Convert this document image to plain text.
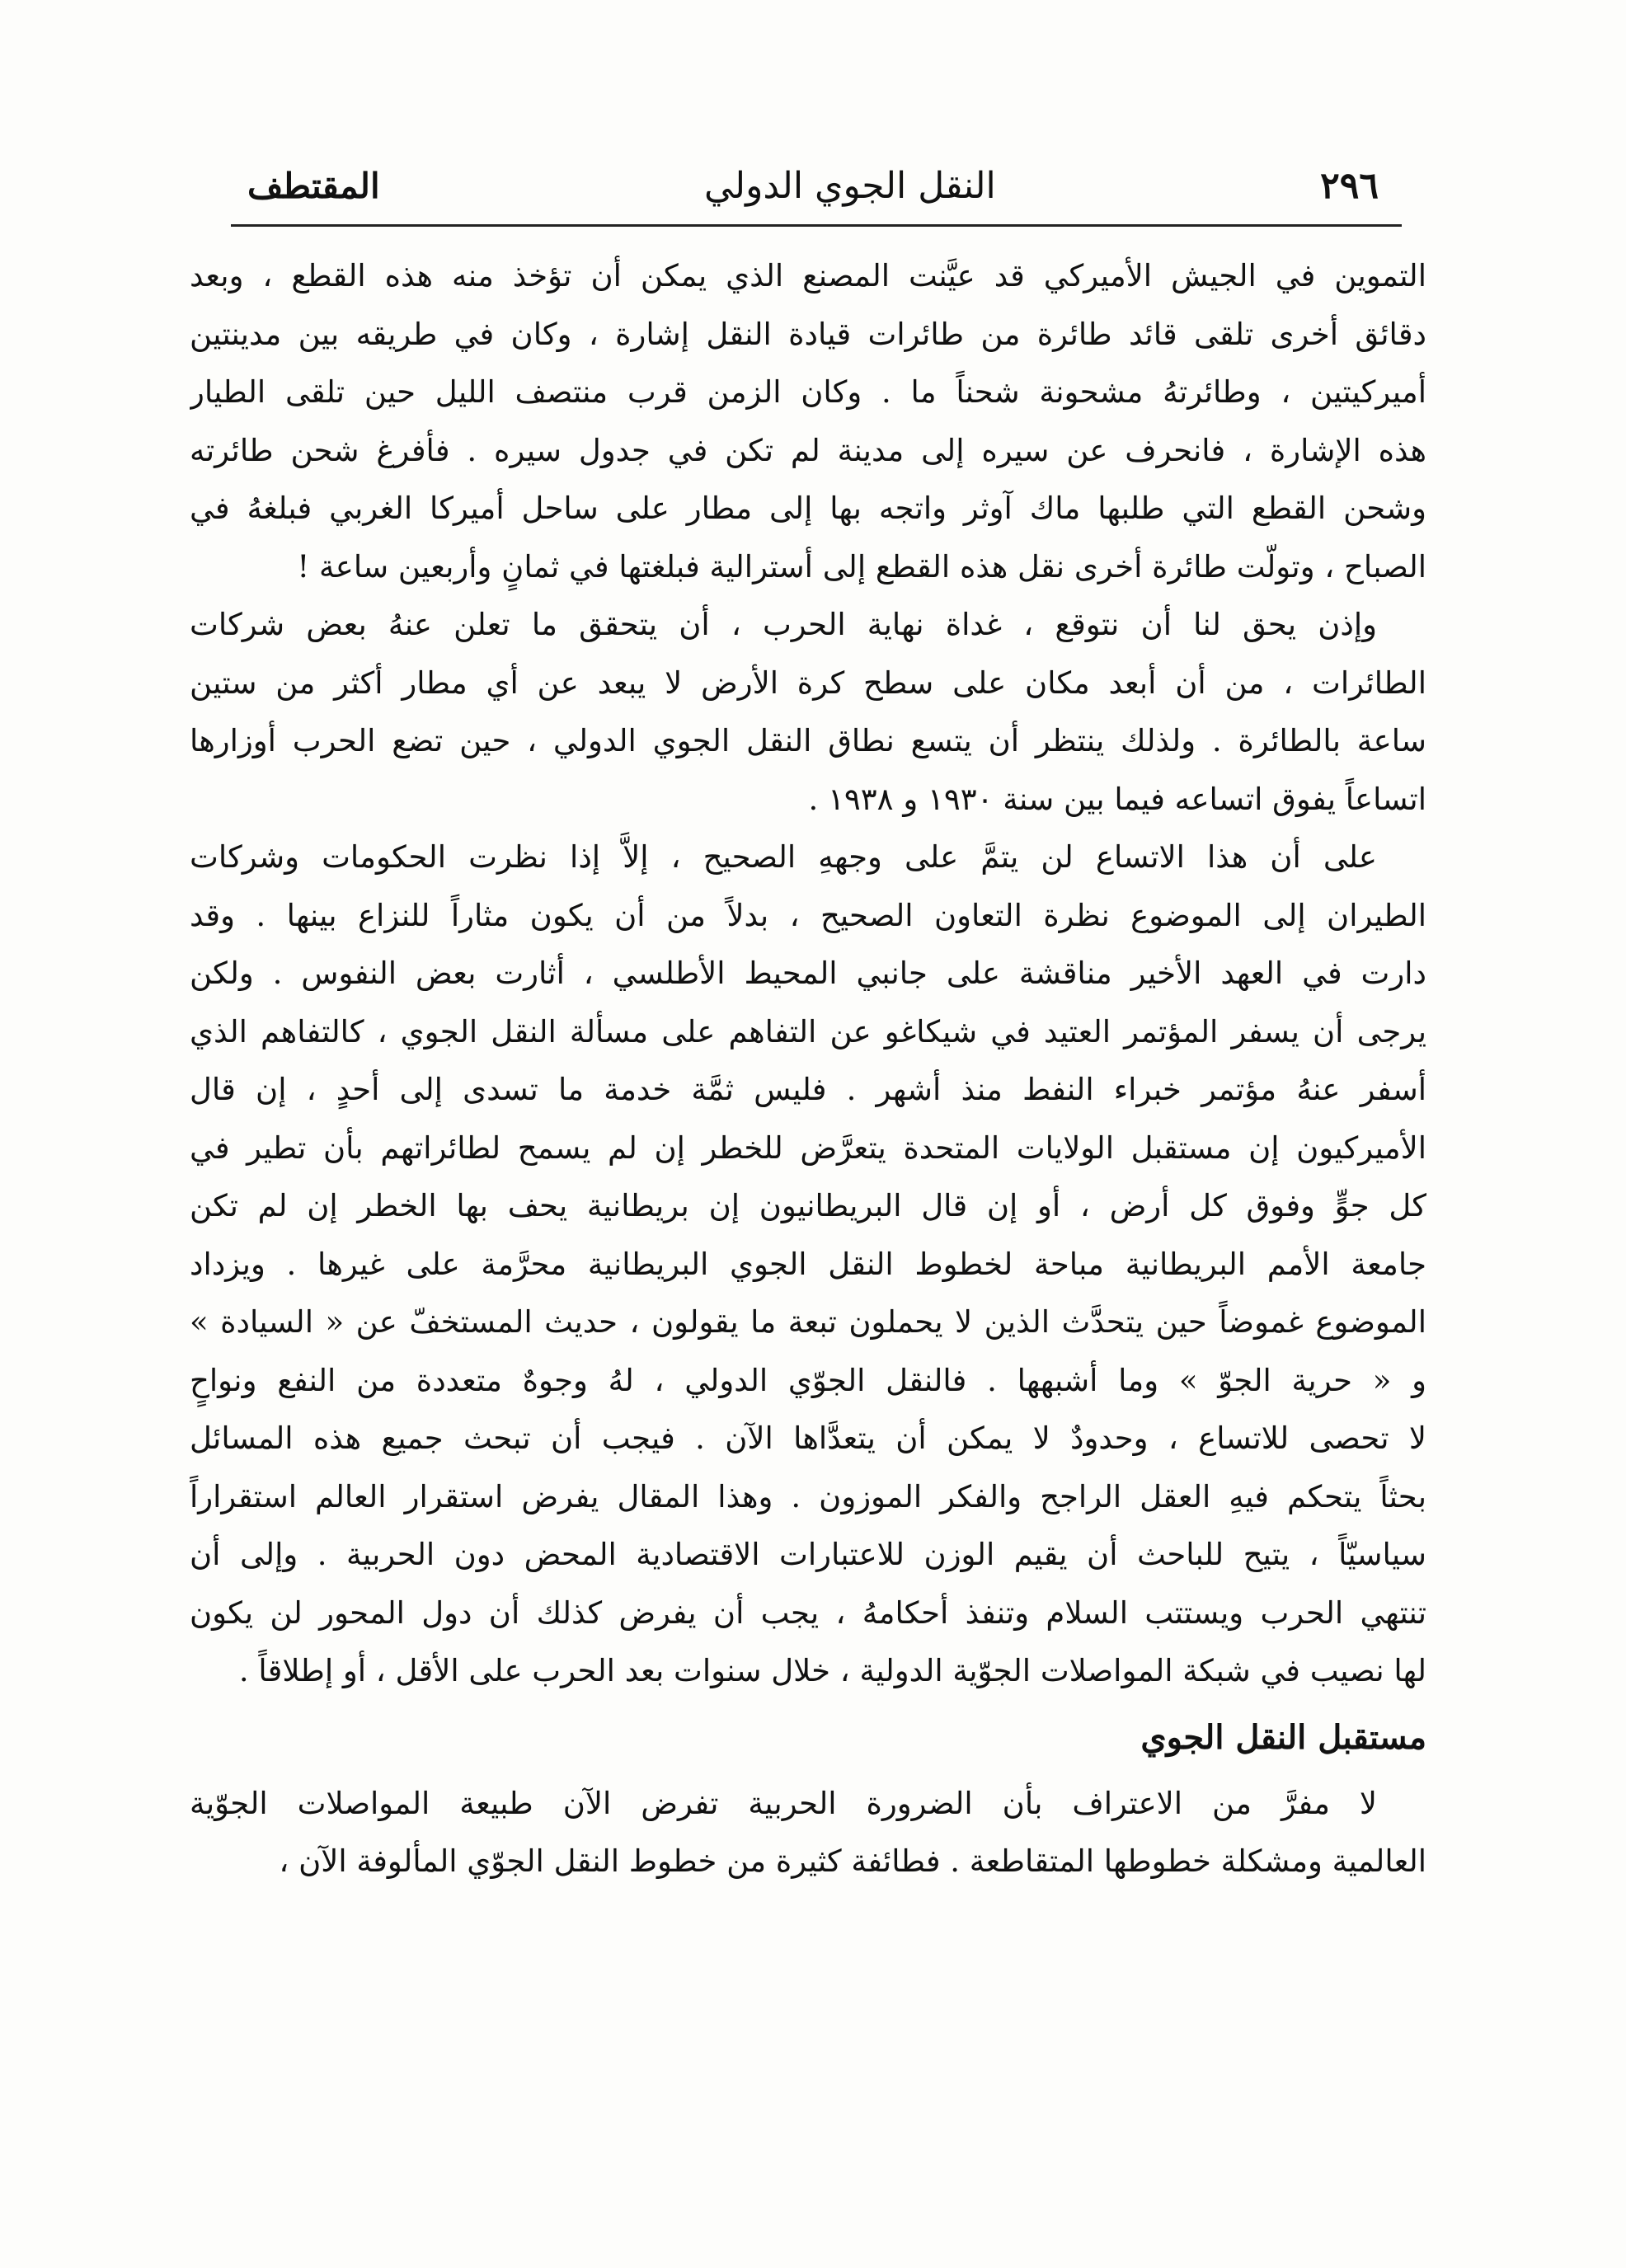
٢٩٦
النقل الجوي الدولي
المقتطف

التموين في الجيش الأميركي قد عيَّنت المصنع الذي يمكن أن تؤخذ منه هذه القطع ، وبعد
دقائق أخرى تلقى قائد طائرة من طائرات قيادة النقل إشارة ، وكان في طريقه بين مدينتين
أميركيتين ، وطائرتهُ مشحونة شحناً ما . وكان الزمن قرب منتصف الليل حين تلقى الطيار
هذه الإشارة ، فانحرف عن سيره إلى مدينة لم تكن في جدول سيره . فأفرغ شحن طائرته
وشحن القطع التي طلبها ماك آوثر واتجه بها إلى مطار على ساحل أميركا الغربي فبلغهُ في
الصباح ، وتولّت طائرة أخرى نقل هذه القطع إلى أسترالية فبلغتها في ثمانٍ وأربعين ساعة !

وإذن يحق لنا أن نتوقع ، غداة نهاية الحرب ، أن يتحقق ما تعلن عنهُ بعض شركات
الطائرات ، من أن أبعد مكان على سطح كرة الأرض لا يبعد عن أي مطار أكثر من ستين
ساعة بالطائرة . ولذلك ينتظر أن يتسع نطاق النقل الجوي الدولي ، حين تضع الحرب أوزارها
اتساعاً يفوق اتساعه فيما بين سنة ١٩٣٠ و ١٩٣٨ .

على أن هذا الاتساع لن يتمَّ على وجههِ الصحيح ، إلاَّ إذا نظرت الحكومات وشركات
الطيران إلى الموضوع نظرة التعاون الصحيح ، بدلاً من أن يكون مثاراً للنزاع بينها . وقد
دارت في العهد الأخير مناقشة على جانبي المحيط الأطلسي ، أثارت بعض النفوس . ولكن
يرجى أن يسفر المؤتمر العتيد في شيكاغو عن التفاهم على مسألة النقل الجوي ، كالتفاهم الذي
أسفر عنهُ مؤتمر خبراء النفط منذ أشهر . فليس ثمَّة خدمة ما تسدى إلى أحدٍ ، إن قال
الأميركيون إن مستقبل الولايات المتحدة يتعرَّض للخطر إن لم يسمح لطائراتهم بأن تطير في
كل جوٍّ وفوق كل أرض ، أو إن قال البريطانيون إن بريطانية يحف بها الخطر إن لم تكن
جامعة الأمم البريطانية مباحة لخطوط النقل الجوي البريطانية محرَّمة على غيرها . ويزداد
الموضوع غموضاً حين يتحدَّث الذين لا يحملون تبعة ما يقولون ، حديث المستخفّ عن « السيادة »
و « حرية الجوّ » وما أشبهها . فالنقل الجوّي الدولي ، لهُ وجوهٌ متعددة من النفع ونواحٍ
لا تحصى للاتساع ، وحدودٌ لا يمكن أن يتعدَّاها الآن . فيجب أن تبحث جميع هذه المسائل
بحثاً يتحكم فيهِ العقل الراجح والفكر الموزون . وهذا المقال يفرض استقرار العالم استقراراً
سياسيّاً ، يتيح للباحث أن يقيم الوزن للاعتبارات الاقتصادية المحض دون الحربية . وإلى أن
تنتهي الحرب ويستتب السلام وتنفذ أحكامهُ ، يجب أن يفرض كذلك أن دول المحور لن يكون
لها نصيب في شبكة المواصلات الجوّية الدولية ، خلال سنوات بعد الحرب على الأقل ، أو إطلاقاً .

مستقبل النقل الجوي

لا مفرَّ من الاعتراف بأن الضرورة الحربية تفرض الآن طبيعة المواصلات الجوّية
العالمية ومشكلة خطوطها المتقاطعة . فطائفة كثيرة من خطوط النقل الجوّي المألوفة الآن ،
